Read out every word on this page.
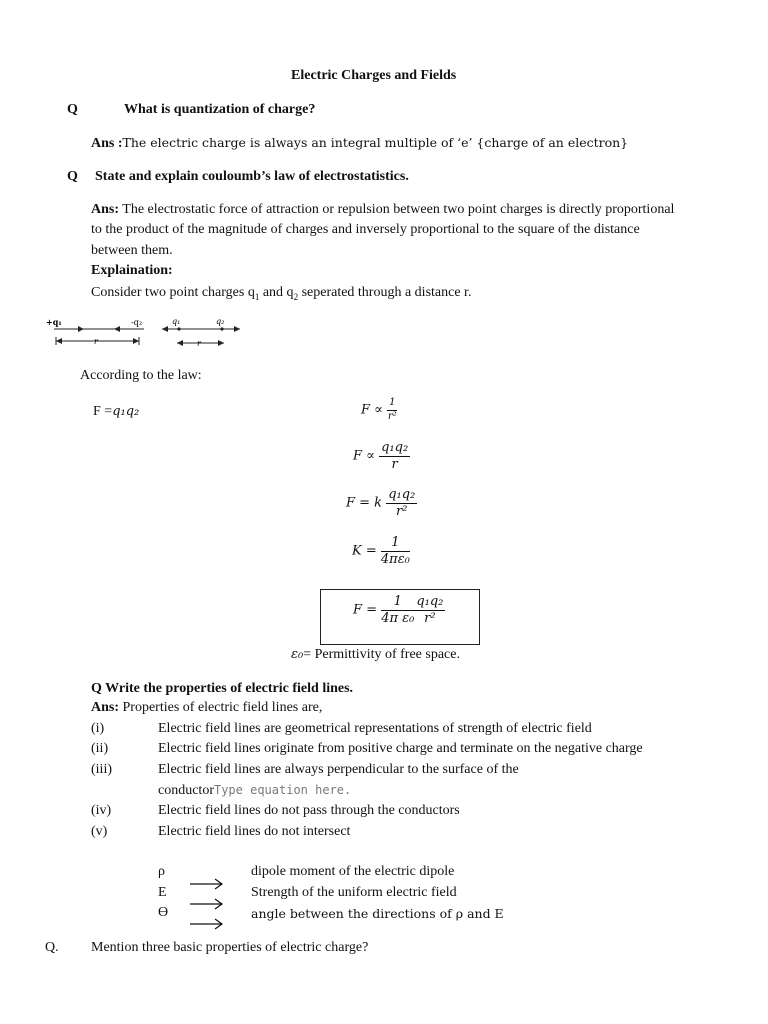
Electric Charges and Fields
Q	What is quantization of charge?
Ans :The electric charge is always an integral multiple of ‘e’ {charge of an electron}
Q State and explain couloumb’s law of electrostatistics.
Ans: The electrostatic force of attraction or repulsion between two point charges is directly proportional
to the product of the magnitude of charges and inversely proportional to the square of the distance
between them.
Explaination:
Consider two point charges $q_1$ and $q_2$ seperated through a distance r.
+q₁	-q₂	q₁	q₂
r	r
According to the law:
F =q₁q₂	$F \propto \frac{1}{\text{r²}}$
$F \propto \frac{\text{q₁q₂}}{r}$
F = k $\frac{\text{q₁q₂}}{\text{r²}}$
$K = \frac{1}{\text{4πε₀}}$
$F = \frac{1}{\text{4π ε₀}} \frac{\text{q₁q₂}}{\text{r²}}$
ε₀= Permittivity of free space.
Q Write the properties of electric field lines.
Ans: Properties of electric field lines are,
(i)	Electric field lines are geometrical representations of strength of electric field
(ii)	Electric field lines originate from positive charge and terminate on the negative charge
(iii)	Electric field lines are always perpendicular to the surface of the
conductorType equation here.
(iv)	Electric field lines do not pass through the conductors
(v)	Electric field lines do not intersect
ρ	dipole moment of the electric dipole
E	Strength of the uniform electric field
Ө	angle between the directions of ρ and E
Q. Mention three basic properties of electric charge?
